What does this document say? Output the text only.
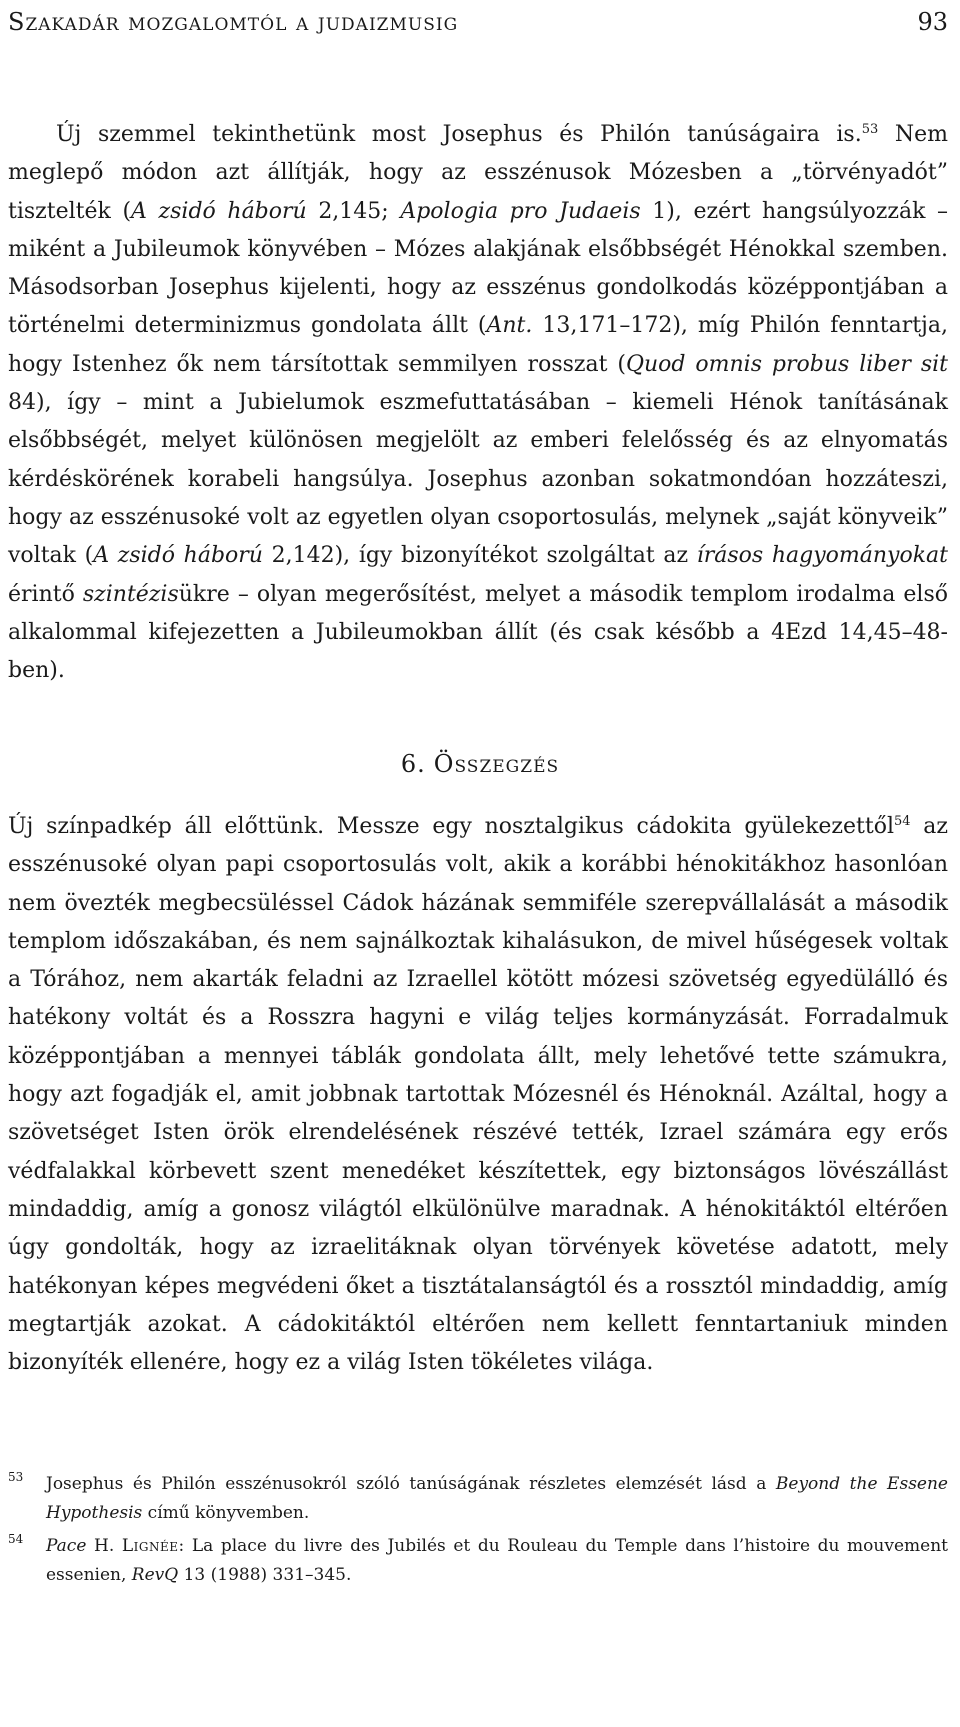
Szakadár mozgalomtól a judaizmusig	93

Új szemmel tekinthetünk most Josephus és Philón tanúságaira is.$^{53}$ Nem meglepő módon azt állítják, hogy az esszénusok Mózesben a „törvényadót” tisztelték (A zsidó háború 2,145; Apologia pro Judaeis 1), ezért hangsúlyozzák – miként a Jubileumok könyvében – Mózes alakjának elsőbbségét Hénokkal szemben. Másodsorban Josephus kijelenti, hogy az esszénus gondolkodás középpontjában a történelmi determinizmus gondolata állt (Ant. 13,171–172), míg Philón fenntartja, hogy Istenhez ők nem társítottak semmilyen rosszat (Quod omnis probus liber sit 84), így – mint a Jubielumok eszmefuttatásában – kiemeli Hénok tanításának elsőbbségét, melyet különösen megjelölt az emberi felelősség és az elnyomatás kérdéskörének korabeli hangsúlya. Josephus azonban sokatmondóan hozzáteszi, hogy az esszénusoké volt az egyetlen olyan csoportosulás, melynek „saját könyveik” voltak (A zsidó háború 2,142), így bizonyítékot szolgáltat az írásos hagyományokat érintő szintézisükre – olyan megerősítést, melyet a második templom irodalma első alkalommal kifejezetten a Jubileumokban állít (és csak később a 4Ezd 14,45–48-ben).

6. Összegzés

Új színpadkép áll előttünk. Messze egy nosztalgikus cádokita gyülekezettől$^{54}$ az esszénusoké olyan papi csoportosulás volt, akik a korábbi hénokitákhoz hasonlóan nem övezték megbecsüléssel Cádok házának semmiféle szerepvállalását a második templom időszakában, és nem sajnálkoztak kihalásukon, de mivel hűségesek voltak a Tórához, nem akarták feladni az Izraellel kötött mózesi szövetség egyedülálló és hatékony voltát és a Rosszra hagyni e világ teljes kormányzását. Forradalmuk középpontjában a mennyei táblák gondolata állt, mely lehetővé tette számukra, hogy azt fogadják el, amit jobbnak tartottak Mózesnél és Hénoknál. Azáltal, hogy a szövetséget Isten örök elrendelésének részévé tették, Izrael számára egy erős védfalakkal körbevett szent menedéket készítettek, egy biztonságos lövészállást mindaddig, amíg a gonosz világtól elkülönülve maradnak. A hénokitáktól eltérően úgy gondolták, hogy az izraelitáknak olyan törvények követése adatott, mely hatékonyan képes megvédeni őket a tisztátalanságtól és a rossztól mindaddig, amíg megtartják azokat. A cádokitáktól eltérően nem kellett fenntartaniuk minden bizonyíték ellenére, hogy ez a világ Isten tökéletes világa.

53	Josephus és Philón esszénusokról szóló tanúságának részletes elemzését lásd a Beyond the Essene Hypothesis című könyvemben.
54	Pace H. Lignée: La place du livre des Jubilés et du Rouleau du Temple dans l’histoire du mouvement essenien, RevQ 13 (1988) 331–345.
